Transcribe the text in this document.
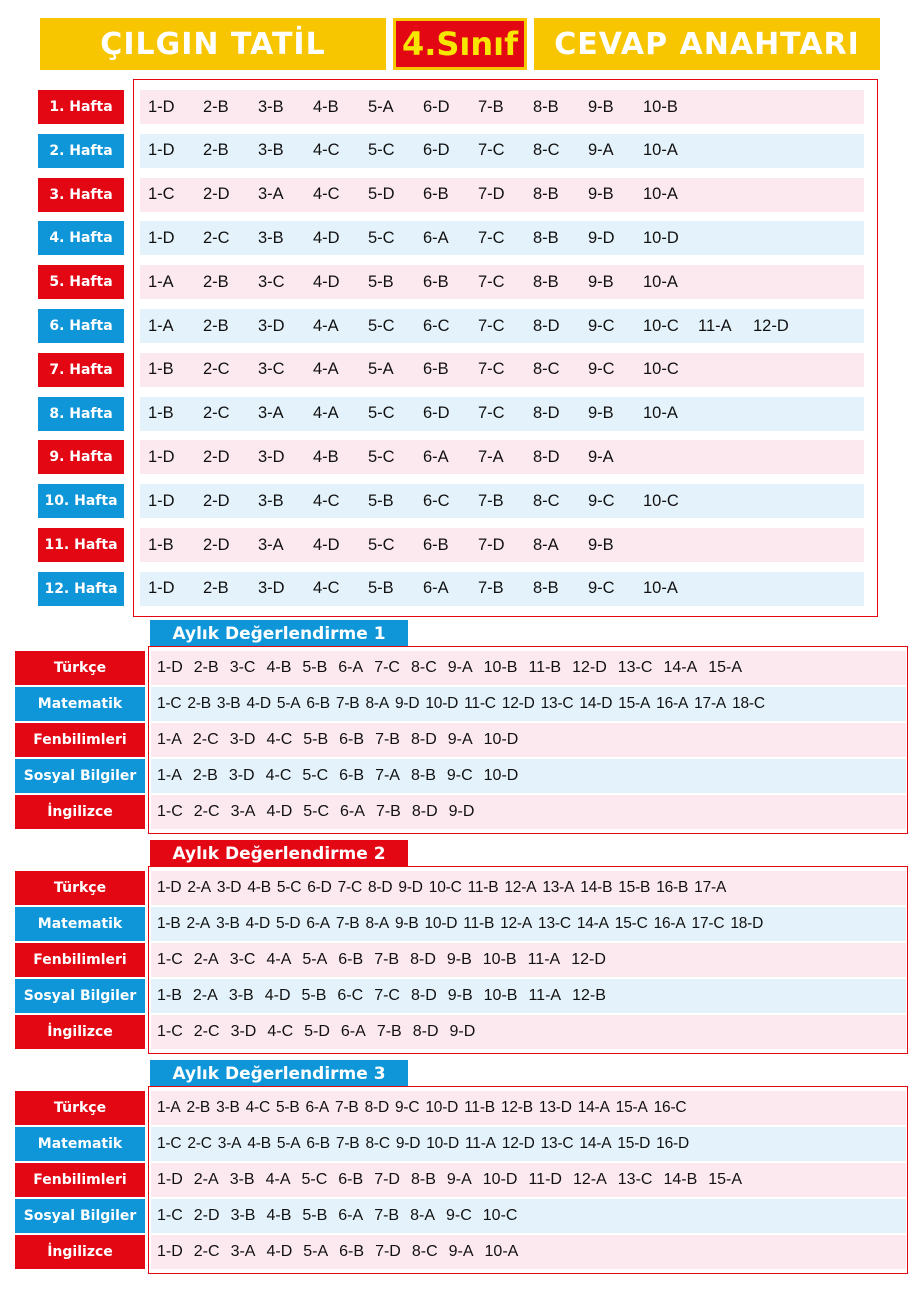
ÇILGIN TATİL	4.Sınıf	CEVAP ANAHTARI
1. Hafta	1-D	2-B	3-B	4-B	5-A	6-D	7-B	8-B	9-B	10-B
2. Hafta	1-D	2-B	3-B	4-C	5-C	6-D	7-C	8-C	9-A	10-A
3. Hafta	1-C	2-D	3-A	4-C	5-D	6-B	7-D	8-B	9-B	10-A
4. Hafta	1-D	2-C	3-B	4-D	5-C	6-A	7-C	8-B	9-D	10-D
5. Hafta	1-A	2-B	3-C	4-D	5-B	6-B	7-C	8-B	9-B	10-A
6. Hafta	1-A	2-B	3-D	4-A	5-C	6-C	7-C	8-D	9-C	10-C	11-A	12-D
7. Hafta	1-B	2-C	3-C	4-A	5-A	6-B	7-C	8-C	9-C	10-C
8. Hafta	1-B	2-C	3-A	4-A	5-C	6-D	7-C	8-D	9-B	10-A
9. Hafta	1-D	2-D	3-D	4-B	5-C	6-A	7-A	8-D	9-A
10. Hafta	1-D	2-D	3-B	4-C	5-B	6-C	7-B	8-C	9-C	10-C
11. Hafta	1-B	2-D	3-A	4-D	5-C	6-B	7-D	8-A	9-B
12. Hafta	1-D	2-B	3-D	4-C	5-B	6-A	7-B	8-B	9-C	10-A
Aylık Değerlendirme 1
Türkçe	1-D 2-B 3-C 4-B 5-B 6-A 7-C 8-C 9-A 10-B 11-B 12-D 13-C 14-A 15-A
Matematik	1-C 2-B 3-B 4-D 5-A 6-B 7-B 8-A 9-D 10-D 11-C 12-D 13-C 14-D 15-A 16-A 17-A 18-C
Fenbilimleri	1-A 2-C 3-D 4-C 5-B 6-B 7-B 8-D 9-A 10-D
Sosyal Bilgiler	1-A 2-B 3-D 4-C 5-C 6-B 7-A 8-B 9-C 10-D
İngilizce	1-C 2-C 3-A 4-D 5-C 6-A 7-B 8-D 9-D
Aylık Değerlendirme 2
Türkçe	1-D 2-A 3-D 4-B 5-C 6-D 7-C 8-D 9-D 10-C 11-B 12-A 13-A 14-B 15-B 16-B 17-A
Matematik	1-B 2-A 3-B 4-D 5-D 6-A 7-B 8-A 9-B 10-D 11-B 12-A 13-C 14-A 15-C 16-A 17-C 18-D
Fenbilimleri	1-C 2-A 3-C 4-A 5-A 6-B 7-B 8-D 9-B 10-B 11-A 12-D
Sosyal Bilgiler	1-B 2-A 3-B 4-D 5-B 6-C 7-C 8-D 9-B 10-B 11-A 12-B
İngilizce	1-C 2-C 3-D 4-C 5-D 6-A 7-B 8-D 9-D
Aylık Değerlendirme 3
Türkçe	1-A 2-B 3-B 4-C 5-B 6-A 7-B 8-D 9-C 10-D 11-B 12-B 13-D 14-A 15-A 16-C
Matematik	1-C 2-C 3-A 4-B 5-A 6-B 7-B 8-C 9-D 10-D 11-A 12-D 13-C 14-A 15-D 16-D
Fenbilimleri	1-D 2-A 3-B 4-A 5-C 6-B 7-D 8-B 9-A 10-D 11-D 12-A 13-C 14-B 15-A
Sosyal Bilgiler	1-C 2-D 3-B 4-B 5-B 6-A 7-B 8-A 9-C 10-C
İngilizce	1-D 2-C 3-A 4-D 5-A 6-B 7-D 8-C 9-A 10-A
